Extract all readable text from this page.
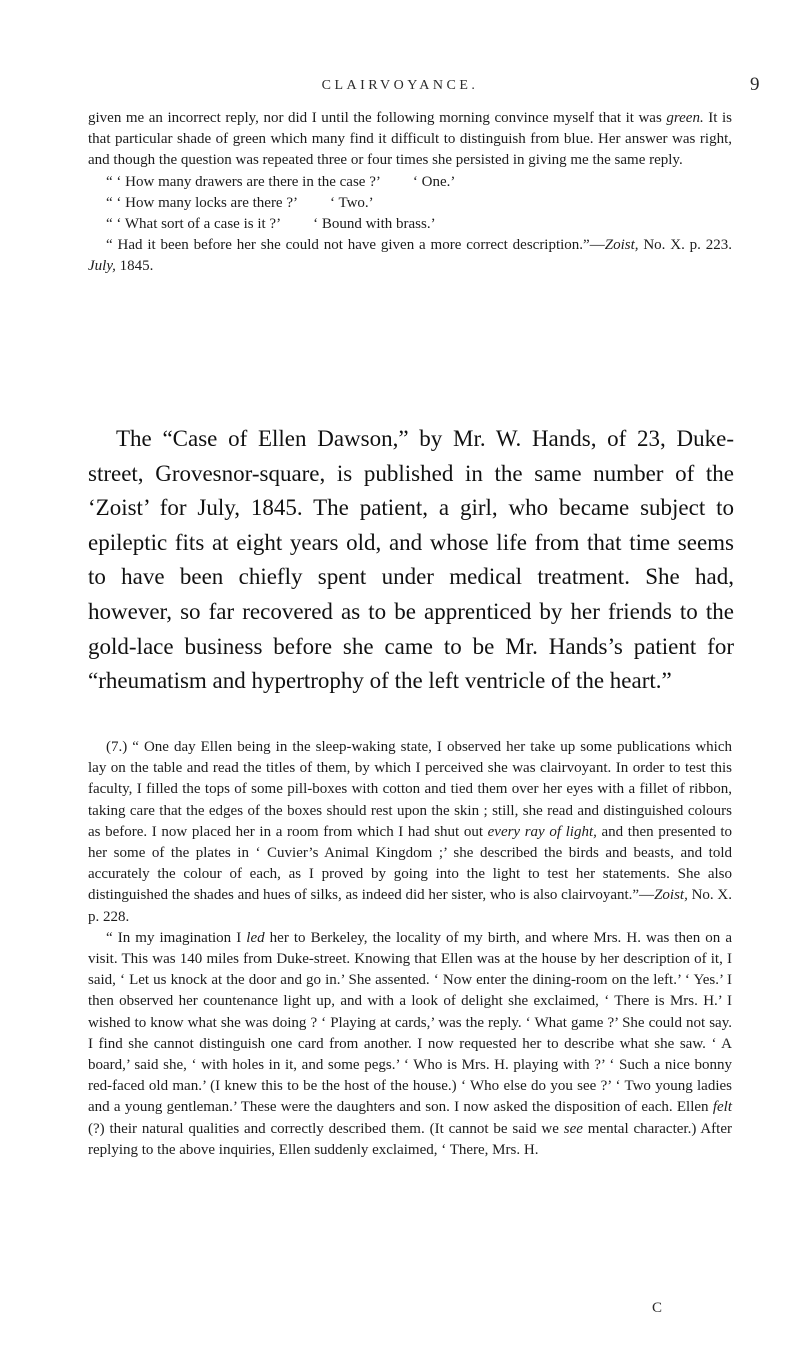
CLAIRVOYANCE.	9

given me an incorrect reply, nor did I until the following morning convince myself that it was green. It is that particular shade of green which many find it difficult to distinguish from blue. Her answer was right, and though the question was repeated three or four times she persisted in giving me the same reply.

“ ‘ How many drawers are there in the case ?’	‘ One.’

“ ‘ How many locks are there ?’	‘ Two.’

“ ‘ What sort of a case is it ?’	‘ Bound with brass.’

“ Had it been before her she could not have given a more correct description.”—Zoist, No. X. p. 223. July, 1845.

The “Case of Ellen Dawson,” by Mr. W. Hands, of 23, Duke-street, Grovesnor-square, is published in the same number of the ‘Zoist’ for July, 1845. The patient, a girl, who became subject to epileptic fits at eight years old, and whose life from that time seems to have been chiefly spent under medical treatment. She had, however, so far recovered as to be apprenticed by her friends to the gold-lace business before she came to be Mr. Hands’s patient for “rheumatism and hypertrophy of the left ventricle of the heart.”

(7.) “ One day Ellen being in the sleep-waking state, I observed her take up some publications which lay on the table and read the titles of them, by which I perceived she was clairvoyant. In order to test this faculty, I filled the tops of some pill-boxes with cotton and tied them over her eyes with a fillet of ribbon, taking care that the edges of the boxes should rest upon the skin ; still, she read and distinguished colours as before. I now placed her in a room from which I had shut out every ray of light, and then presented to her some of the plates in ‘ Cuvier’s Animal Kingdom ;’ she described the birds and beasts, and told accurately the colour of each, as I proved by going into the light to test her statements. She also distinguished the shades and hues of silks, as indeed did her sister, who is also clairvoyant.”—Zoist, No. X. p. 228.

“ In my imagination I led her to Berkeley, the locality of my birth, and where Mrs. H. was then on a visit. This was 140 miles from Duke-street. Knowing that Ellen was at the house by her description of it, I said, ‘ Let us knock at the door and go in.’ She assented. ‘ Now enter the dining-room on the left.’ ‘ Yes.’ I then observed her countenance light up, and with a look of delight she exclaimed, ‘ There is Mrs. H.’ I wished to know what she was doing ? ‘ Playing at cards,’ was the reply. ‘ What game ?’ She could not say. I find she cannot distinguish one card from another. I now requested her to describe what she saw. ‘ A board,’ said she, ‘ with holes in it, and some pegs.’ ‘ Who is Mrs. H. playing with ?’ ‘ Such a nice bonny red-faced old man.’ (I knew this to be the host of the house.) ‘ Who else do you see ?’ ‘ Two young ladies and a young gentleman.’ These were the daughters and son. I now asked the disposition of each. Ellen felt (?) their natural qualities and correctly described them. (It cannot be said we see mental character.) After replying to the above inquiries, Ellen suddenly exclaimed, ‘ There, Mrs. H.

C
